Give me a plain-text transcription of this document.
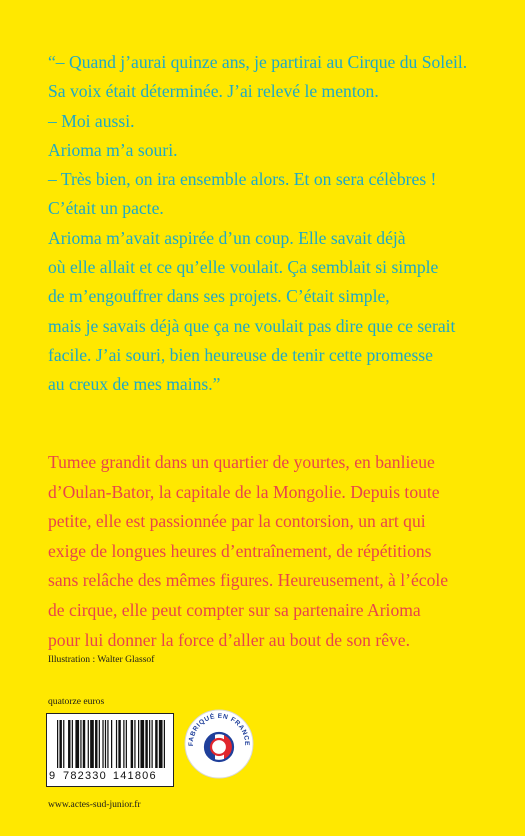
“– Quand j’aurai quinze ans, je partirai au Cirque du Soleil.

Sa voix était déterminée. J’ai relevé le menton.

– Moi aussi.

Arioma m’a souri.

– Très bien, on ira ensemble alors. Et on sera célèbres !

C’était un pacte.

Arioma m’avait aspirée d’un coup. Elle savait déjà

où elle allait et ce qu’elle voulait. Ça semblait si simple

de m’engouffrer dans ses projets. C’était simple,

mais je savais déjà que ça ne voulait pas dire que ce serait

facile. J’ai souri, bien heureuse de tenir cette promesse

au creux de mes mains.”

Tumee grandit dans un quartier de yourtes, en banlieue

d’Oulan-Bator, la capitale de la Mongolie. Depuis toute

petite, elle est passionnée par la contorsion, un art qui

exige de longues heures d’entraînement, de répétitions

sans relâche des mêmes figures. Heureusement, à l’école

de cirque, elle peut compter sur sa partenaire Arioma

pour lui donner la force d’aller au bout de son rêve.

Illustration : Walter Glassof
quatorze euros
9 782330 141806
FABRIQUÉ EN FRANCE
www.actes-sud-junior.fr
